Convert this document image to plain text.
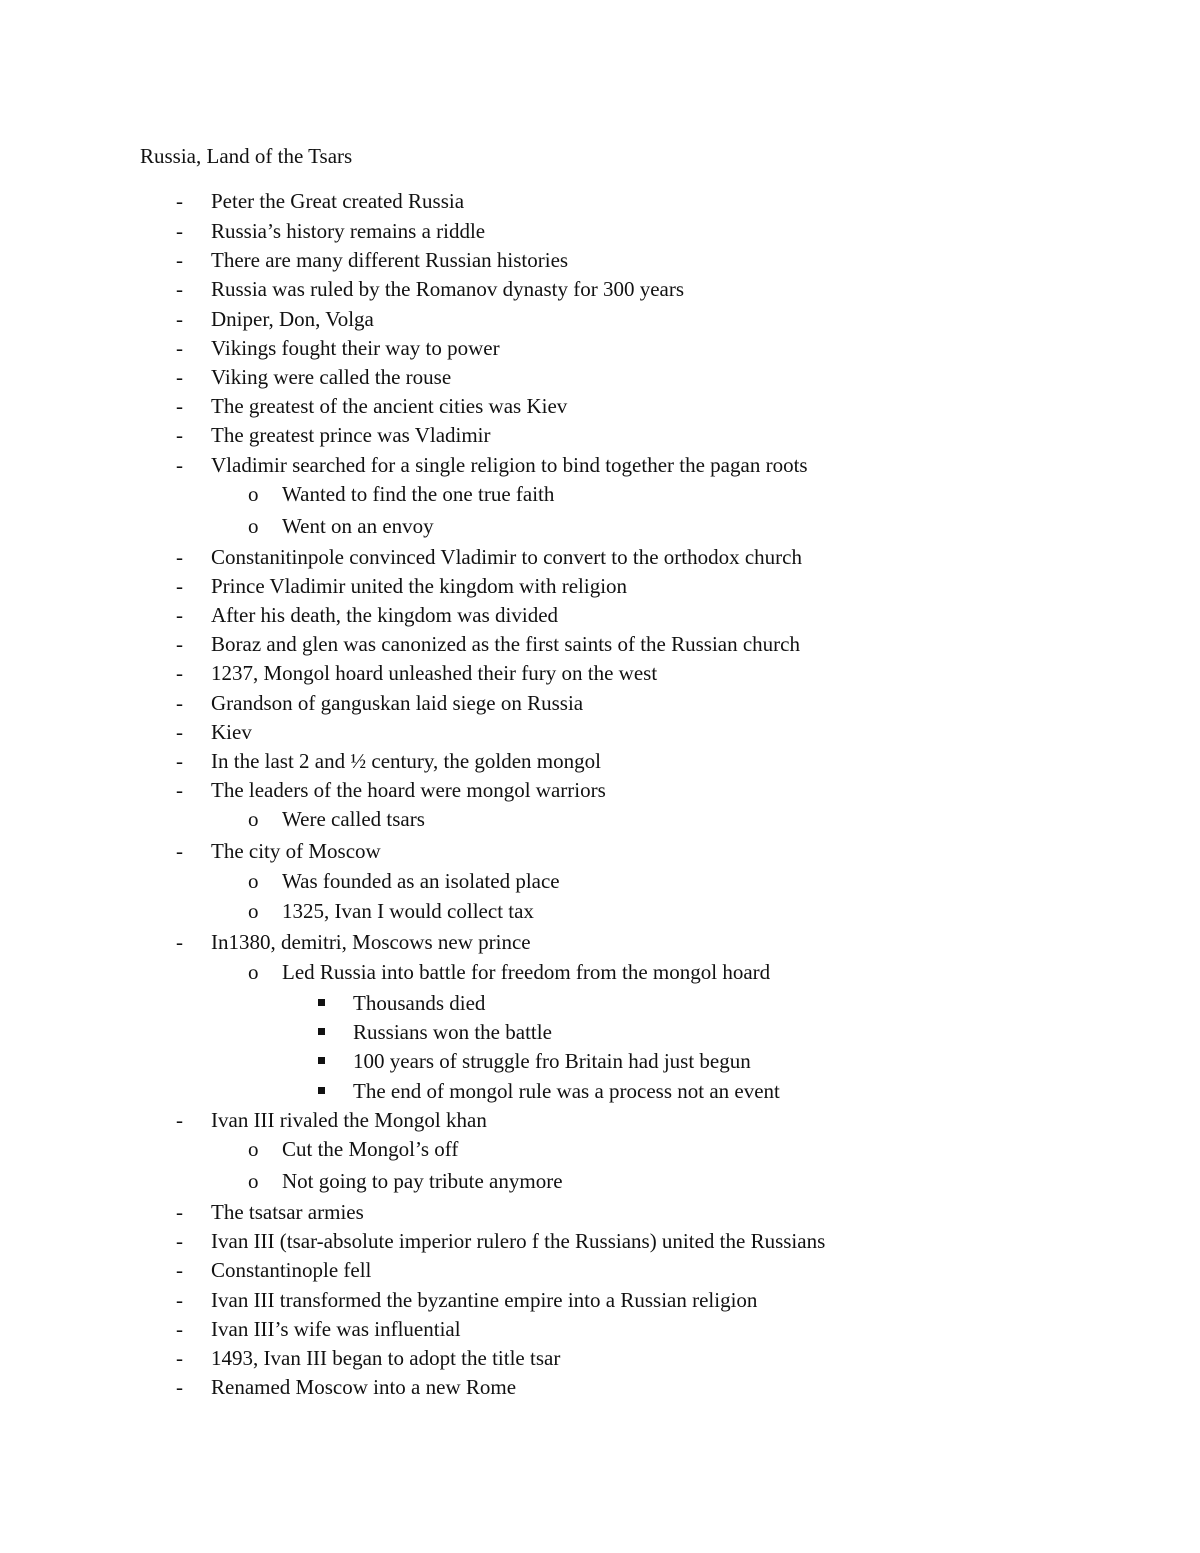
Russia, Land of the Tsars
- Peter the Great created Russia
- Russia’s history remains a riddle
- There are many different Russian histories
- Russia was ruled by the Romanov dynasty for 300 years
- Dniper, Don, Volga
- Vikings fought their way to power
- Viking were called the rouse
- The greatest of the ancient cities was Kiev
- The greatest prince was Vladimir
- Vladimir searched for a single religion to bind together the pagan roots
o Wanted to find the one true faith
o Went on an envoy
- Constanitinpole convinced Vladimir to convert to the orthodox church
- Prince Vladimir united the kingdom with religion
- After his death, the kingdom was divided
- Boraz and glen was canonized as the first saints of the Russian church
- 1237, Mongol hoard unleashed their fury on the west
- Grandson of ganguskan laid siege on Russia
- Kiev
- In the last 2 and ½ century, the golden mongol
- The leaders of the hoard were mongol warriors
o Were called tsars
- The city of Moscow
o Was founded as an isolated place
o 1325, Ivan I would collect tax
- In1380, demitri, Moscows new prince
o Led Russia into battle for freedom from the mongol hoard
Thousands died
Russians won the battle
100 years of struggle fro Britain had just begun
The end of mongol rule was a process not an event
- Ivan III rivaled the Mongol khan
o Cut the Mongol’s off
o Not going to pay tribute anymore
- The tsatsar armies
- Ivan III (tsar-absolute imperior rulero f the Russians) united the Russians
- Constantinople fell
- Ivan III transformed the byzantine empire into a Russian religion
- Ivan III’s wife was influential
- 1493, Ivan III began to adopt the title tsar
- Renamed Moscow into a new Rome
